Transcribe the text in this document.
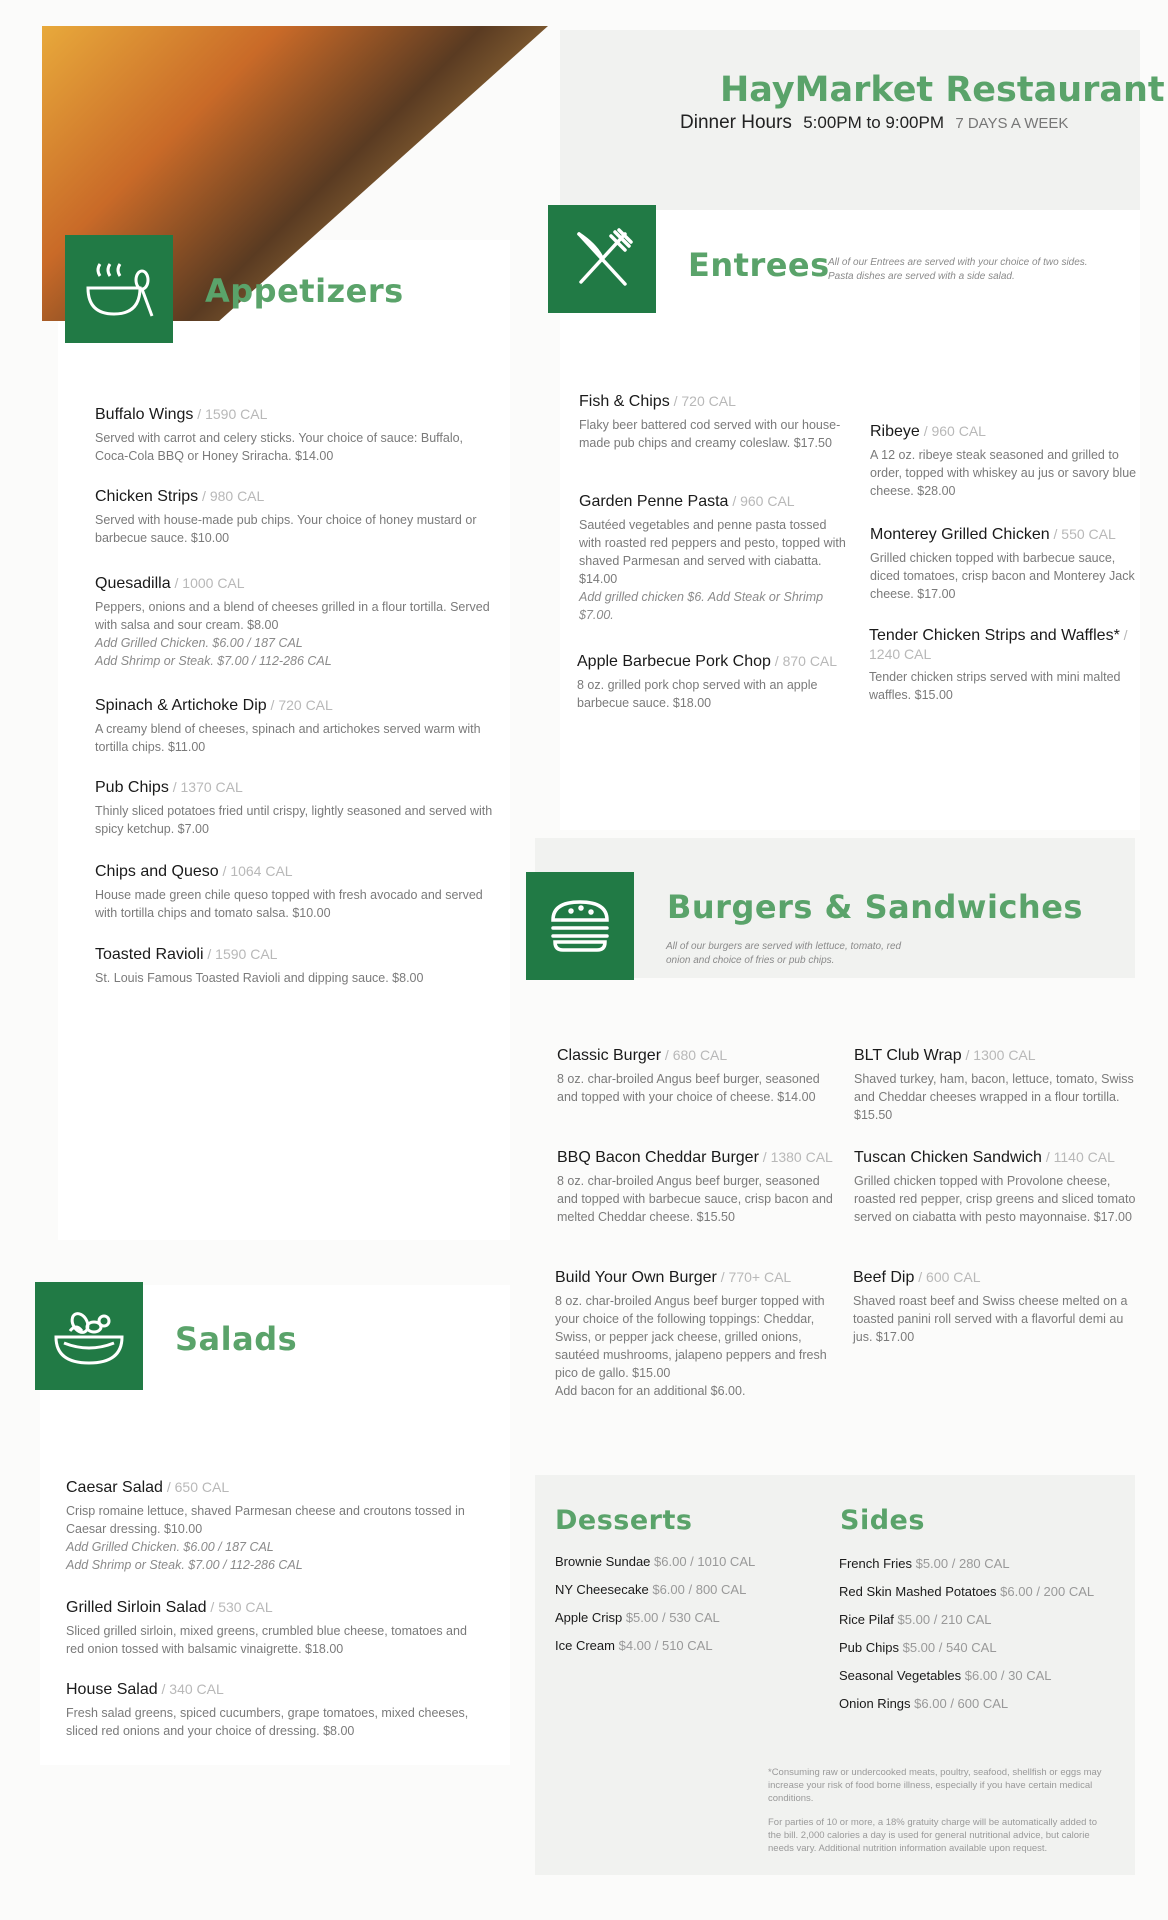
HayMarket Restaurant
Dinner Hours 5:00PM to 9:00PM 7 DAYS A WEEK
Appetizers
Buffalo Wings / 1590 CAL
Served with carrot and celery sticks. Your choice of sauce: Buffalo, Coca-Cola BBQ or Honey Sriracha. $14.00
Chicken Strips / 980 CAL
Served with house-made pub chips. Your choice of honey mustard or barbecue sauce. $10.00
Quesadilla / 1000 CAL
Peppers, onions and a blend of cheeses grilled in a flour tortilla. Served with salsa and sour cream. $8.00
Add Grilled Chicken. $6.00 / 187 CAL
Add Shrimp or Steak. $7.00 / 112-286 CAL
Spinach & Artichoke Dip / 720 CAL
A creamy blend of cheeses, spinach and artichokes served warm with tortilla chips. $11.00
Pub Chips / 1370 CAL
Thinly sliced potatoes fried until crispy, lightly seasoned and served with spicy ketchup. $7.00
Chips and Queso / 1064 CAL
House made green chile queso topped with fresh avocado and served with tortilla chips and tomato salsa. $10.00
Toasted Ravioli / 1590 CAL
St. Louis Famous Toasted Ravioli and dipping sauce. $8.00
Entrees
All of our Entrees are served with your choice of two sides. Pasta dishes are served with a side salad.
Fish & Chips / 720 CAL
Flaky beer battered cod served with our house-made pub chips and creamy coleslaw. $17.50
Garden Penne Pasta / 960 CAL
Sautéed vegetables and penne pasta tossed with roasted red peppers and pesto, topped with shaved Parmesan and served with ciabatta. $14.00
Add grilled chicken $6. Add Steak or Shrimp $7.00.
Apple Barbecue Pork Chop / 870 CAL
8 oz. grilled pork chop served with an apple barbecue sauce. $18.00
Ribeye / 960 CAL
A 12 oz. ribeye steak seasoned and grilled to order, topped with whiskey au jus or savory blue cheese. $28.00
Monterey Grilled Chicken / 550 CAL
Grilled chicken topped with barbecue sauce, diced tomatoes, crisp bacon and Monterey Jack cheese. $17.00
Tender Chicken Strips and Waffles* / 1240 CAL
Tender chicken strips served with mini malted waffles. $15.00
Burgers & Sandwiches
All of our burgers are served with lettuce, tomato, red onion and choice of fries or pub chips.
Classic Burger / 680 CAL
8 oz. char-broiled Angus beef burger, seasoned and topped with your choice of cheese. $14.00
BBQ Bacon Cheddar Burger / 1380 CAL
8 oz. char-broiled Angus beef burger, seasoned and topped with barbecue sauce, crisp bacon and melted Cheddar cheese. $15.50
Build Your Own Burger / 770+ CAL
8 oz. char-broiled Angus beef burger topped with your choice of the following toppings: Cheddar, Swiss, or pepper jack cheese, grilled onions, sautéed mushrooms, jalapeno peppers and fresh pico de gallo. $15.00
Add bacon for an additional $6.00.
BLT Club Wrap / 1300 CAL
Shaved turkey, ham, bacon, lettuce, tomato, Swiss and Cheddar cheeses wrapped in a flour tortilla. $15.50
Tuscan Chicken Sandwich / 1140 CAL
Grilled chicken topped with Provolone cheese, roasted red pepper, crisp greens and sliced tomato served on ciabatta with pesto mayonnaise. $17.00
Beef Dip / 600 CAL
Shaved roast beef and Swiss cheese melted on a toasted panini roll served with a flavorful demi au jus. $17.00
Salads
Caesar Salad / 650 CAL
Crisp romaine lettuce, shaved Parmesan cheese and croutons tossed in Caesar dressing. $10.00
Add Grilled Chicken. $6.00 / 187 CAL
Add Shrimp or Steak. $7.00 / 112-286 CAL
Grilled Sirloin Salad / 530 CAL
Sliced grilled sirloin, mixed greens, crumbled blue cheese, tomatoes and red onion tossed with balsamic vinaigrette. $18.00
House Salad / 340 CAL
Fresh salad greens, spiced cucumbers, grape tomatoes, mixed cheeses, sliced red onions and your choice of dressing. $8.00
Desserts
Brownie Sundae $6.00 / 1010 CAL
NY Cheesecake $6.00 / 800 CAL
Apple Crisp $5.00 / 530 CAL
Ice Cream $4.00 / 510 CAL
Sides
French Fries $5.00 / 280 CAL
Red Skin Mashed Potatoes $6.00 / 200 CAL
Rice Pilaf $5.00 / 210 CAL
Pub Chips $5.00 / 540 CAL
Seasonal Vegetables $6.00 / 30 CAL
Onion Rings $6.00 / 600 CAL
*Consuming raw or undercooked meats, poultry, seafood, shellfish or eggs may increase your risk of food borne illness, especially if you have certain medical conditions.
For parties of 10 or more, a 18% gratuity charge will be automatically added to the bill. 2,000 calories a day is used for general nutritional advice, but calorie needs vary. Additional nutrition information available upon request.
